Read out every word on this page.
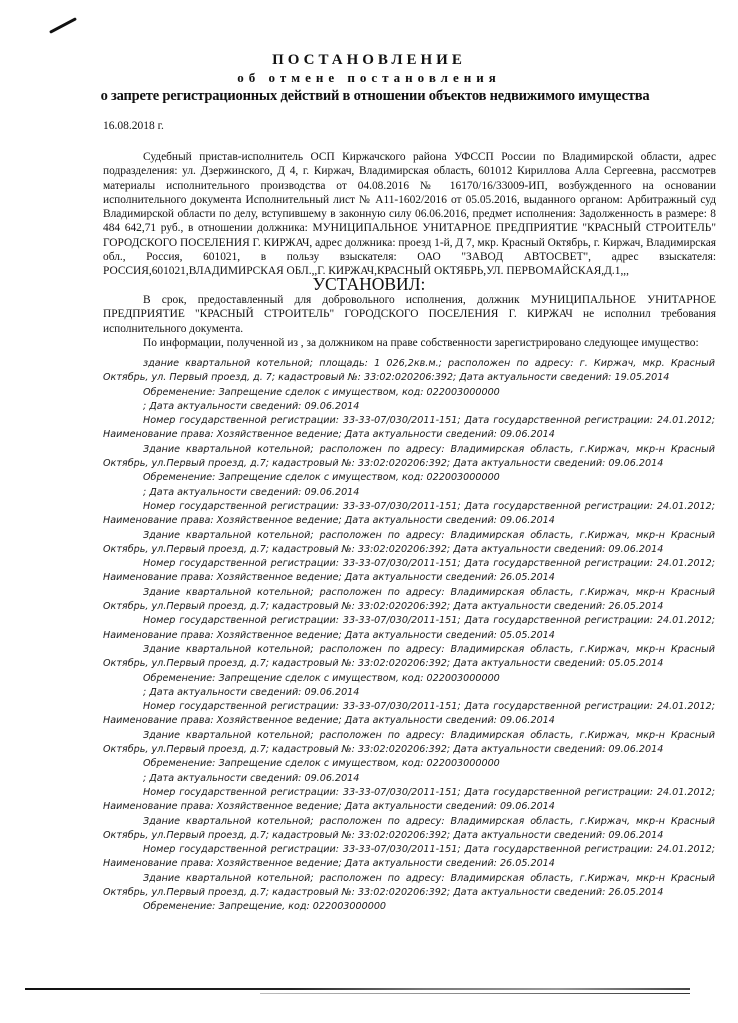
ПОСТАНОВЛЕНИЕ
об отмене постановления
о запрете регистрационных действий в отношении объектов недвижимого имущества
16.08.2018 г.

Судебный пристав-исполнитель ОСП Киржачского района УФССП России по Владимирской области, адрес подразделения: ул. Дзержинского, Д 4, г. Киржач, Владимирская область, 601012 Кириллова Алла Сергеевна, рассмотрев материалы исполнительного производства от 04.08.2016 № 16170/16/33009-ИП, возбужденного на основании исполнительного документа Исполнительный лист № А11-1602/2016 от 05.05.2016, выданного органом: Арбитражный суд Владимирской области по делу, вступившему в законную силу 06.06.2016, предмет исполнения: Задолженность в размере: 8 484 642,71 руб., в отношении должника: МУНИЦИПАЛЬНОЕ УНИТАРНОЕ ПРЕДПРИЯТИЕ "КРАСНЫЙ СТРОИТЕЛЬ" ГОРОДСКОГО ПОСЕЛЕНИЯ Г. КИРЖАЧ, адрес должника: проезд 1-й, Д 7, мкр. Красный Октябрь, г. Киржач, Владимирская обл., Россия, 601021, в пользу взыскателя: ОАО "ЗАВОД АВТОСВЕТ", адрес взыскателя: РОССИЯ,601021,ВЛАДИМИРСКАЯ ОБЛ.,,Г. КИРЖАЧ,КРАСНЫЙ ОКТЯБРЬ,УЛ. ПЕРВОМАЙСКАЯ,Д.1,,,

УСТАНОВИЛ:

В срок, предоставленный для добровольного исполнения, должник МУНИЦИПАЛЬНОЕ УНИТАРНОЕ ПРЕДПРИЯТИЕ "КРАСНЫЙ СТРОИТЕЛЬ" ГОРОДСКОГО ПОСЕЛЕНИЯ Г. КИРЖАЧ не исполнил требования исполнительного документа.

По информации, полученной из , за должником на праве собственности зарегистрировано следующее имущество:

здание квартальной котельной; площадь: 1 026,2кв.м.; расположен по адресу: г. Киржач, мкр. Красный Октябрь, ул. Первый проезд, д. 7; кадастровый №: 33:02:020206:392; Дата актуальности сведений: 19.05.2014

Обременение: Запрещение сделок с имуществом, код: 022003000000

; Дата актуальности сведений: 09.06.2014

Номер государственной регистрации: 33-33-07/030/2011-151; Дата государственной регистрации: 24.01.2012; Наименование права: Хозяйственное ведение; Дата актуальности сведений: 09.06.2014

Здание квартальной котельной; расположен по адресу: Владимирская область, г.Киржач, мкр-н Красный Октябрь, ул.Первый проезд, д.7; кадастровый №: 33:02:020206:392; Дата актуальности сведений: 09.06.2014

Обременение: Запрещение сделок с имуществом, код: 022003000000

; Дата актуальности сведений: 09.06.2014

Номер государственной регистрации: 33-33-07/030/2011-151; Дата государственной регистрации: 24.01.2012; Наименование права: Хозяйственное ведение; Дата актуальности сведений: 09.06.2014

Здание квартальной котельной; расположен по адресу: Владимирская область, г.Киржач, мкр-н Красный Октябрь, ул.Первый проезд, д.7; кадастровый №: 33:02:020206:392; Дата актуальности сведений: 09.06.2014

Номер государственной регистрации: 33-33-07/030/2011-151; Дата государственной регистрации: 24.01.2012; Наименование права: Хозяйственное ведение; Дата актуальности сведений: 26.05.2014

Здание квартальной котельной; расположен по адресу: Владимирская область, г.Киржач, мкр-н Красный Октябрь, ул.Первый проезд, д.7; кадастровый №: 33:02:020206:392; Дата актуальности сведений: 26.05.2014

Номер государственной регистрации: 33-33-07/030/2011-151; Дата государственной регистрации: 24.01.2012; Наименование права: Хозяйственное ведение; Дата актуальности сведений: 05.05.2014

Здание квартальной котельной; расположен по адресу: Владимирская область, г.Киржач, мкр-н Красный Октябрь, ул.Первый проезд, д.7; кадастровый №: 33:02:020206:392; Дата актуальности сведений: 05.05.2014

Обременение: Запрещение сделок с имуществом, код: 022003000000

; Дата актуальности сведений: 09.06.2014

Номер государственной регистрации: 33-33-07/030/2011-151; Дата государственной регистрации: 24.01.2012; Наименование права: Хозяйственное ведение; Дата актуальности сведений: 09.06.2014

Здание квартальной котельной; расположен по адресу: Владимирская область, г.Киржач, мкр-н Красный Октябрь, ул.Первый проезд, д.7; кадастровый №: 33:02:020206:392; Дата актуальности сведений: 09.06.2014

Обременение: Запрещение сделок с имуществом, код: 022003000000

; Дата актуальности сведений: 09.06.2014

Номер государственной регистрации: 33-33-07/030/2011-151; Дата государственной регистрации: 24.01.2012; Наименование права: Хозяйственное ведение; Дата актуальности сведений: 09.06.2014

Здание квартальной котельной; расположен по адресу: Владимирская область, г.Киржач, мкр-н Красный Октябрь, ул.Первый проезд, д.7; кадастровый №: 33:02:020206:392; Дата актуальности сведений: 09.06.2014

Номер государственной регистрации: 33-33-07/030/2011-151; Дата государственной регистрации: 24.01.2012; Наименование права: Хозяйственное ведение; Дата актуальности сведений: 26.05.2014

Здание квартальной котельной; расположен по адресу: Владимирская область, г.Киржач, мкр-н Красный Октябрь, ул.Первый проезд, д.7; кадастровый №: 33:02:020206:392; Дата актуальности сведений: 26.05.2014

Обременение: Запрещение, код: 022003000000
